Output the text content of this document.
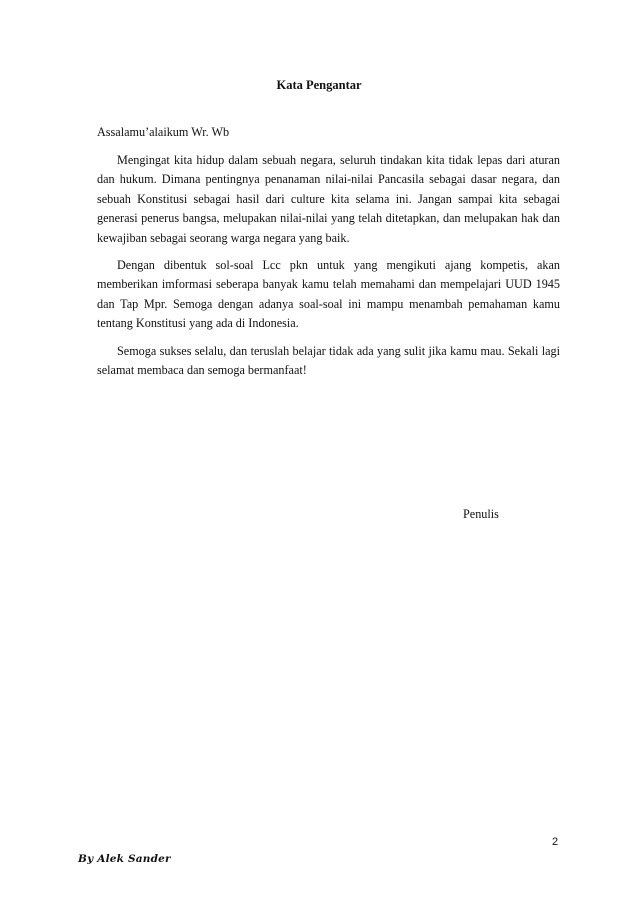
Kata Pengantar
Assalamu’alaikum Wr. Wb

Mengingat kita hidup dalam sebuah negara, seluruh tindakan kita tidak lepas dari aturan dan hukum. Dimana pentingnya penanaman nilai-nilai Pancasila sebagai dasar negara, dan sebuah Konstitusi sebagai hasil dari culture kita selama ini. Jangan sampai kita sebagai generasi penerus bangsa, melupakan nilai-nilai yang telah ditetapkan, dan melupakan hak dan kewajiban sebagai seorang warga negara yang baik.

Dengan dibentuk sol-soal Lcc pkn untuk yang mengikuti ajang kompetis, akan memberikan imformasi seberapa banyak kamu telah memahami dan mempelajari UUD 1945 dan Tap Mpr. Semoga dengan adanya soal-soal ini mampu menambah pemahaman kamu tentang Konstitusi yang ada di Indonesia.

Semoga sukses selalu, dan teruslah belajar tidak ada yang sulit jika kamu mau. Sekali lagi selamat membaca dan semoga bermanfaat!

Penulis
2
By Alek Sander
